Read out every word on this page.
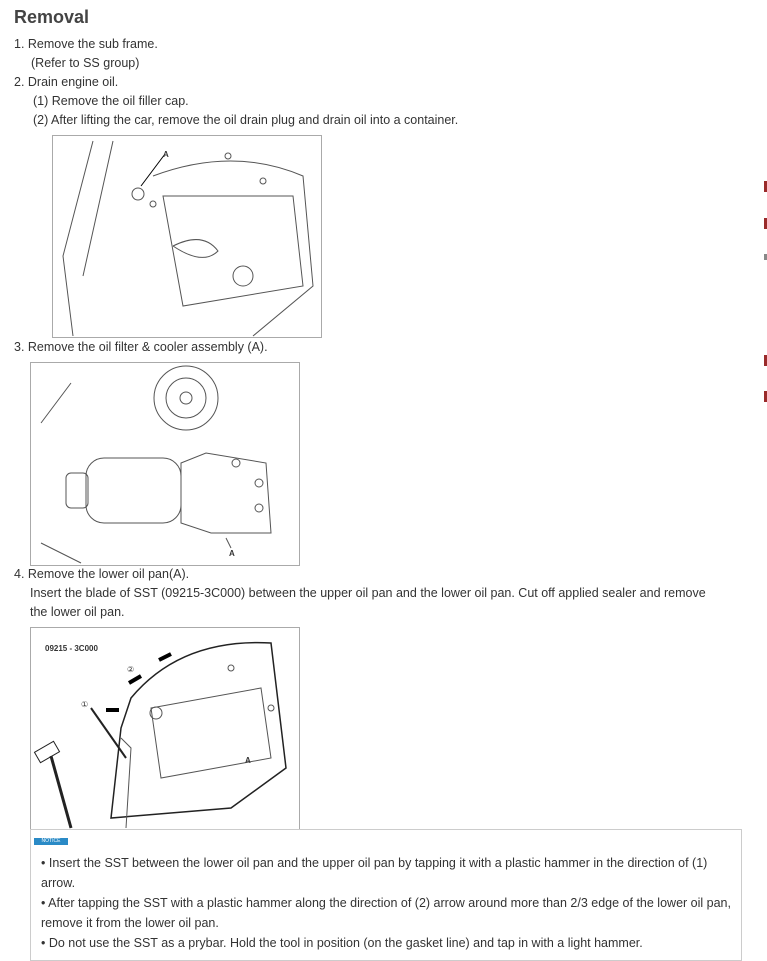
Removal
1. Remove the sub frame.
(Refer to SS group)
2. Drain engine oil.
(1) Remove the oil filler cap.
(2) After lifting the car, remove the oil drain plug and drain oil into a container.
A
3. Remove the oil filter & cooler assembly (A).
A
4. Remove the lower oil pan(A).
Insert the blade of SST (09215-3C000) between the upper oil pan and the lower oil pan. Cut off applied sealer and remove
the lower oil pan.
09215 - 3C000
①
②
A
NOTICE
• Insert the SST between the lower oil pan and the upper oil pan by tapping it with a plastic hammer in the direction of (1) arrow.
• After tapping the SST with a plastic hammer along the direction of (2) arrow around more than 2/3 edge of the lower oil pan, remove it from the lower oil pan.
• Do not use the SST as a prybar. Hold the tool in position (on the gasket line) and tap in with a light hammer.
